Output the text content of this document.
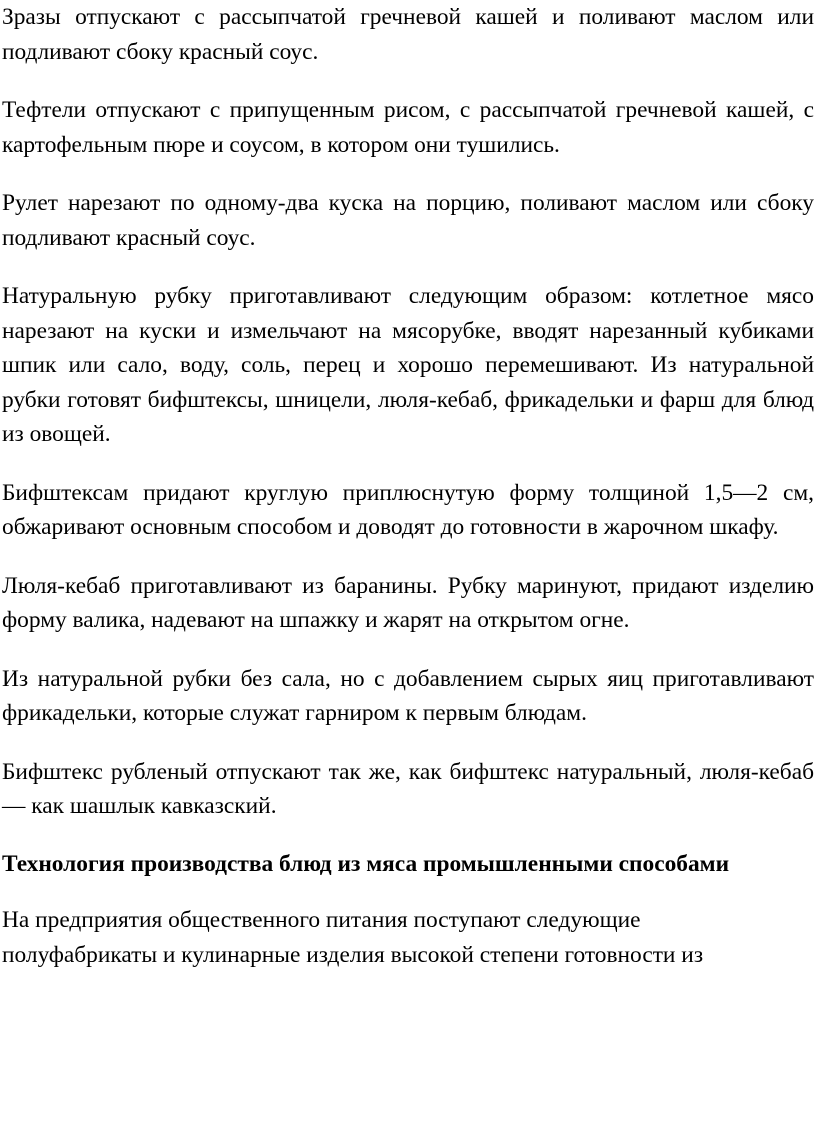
Зразы отпускают с рассыпчатой гречневой кашей и поливают маслом или подливают сбоку красный соус.

Тефтели отпускают с припущенным рисом, с рассыпчатой гречневой кашей, с картофельным пюре и соусом, в котором они тушились.

Рулет нарезают по одному-два куска на порцию, поливают маслом или сбоку подливают красный соус.

Натуральную рубку приготавливают следующим образом: котлетное мясо нарезают на куски и измельчают на мясорубке, вводят нарезанный кубиками шпик или сало, воду, соль, перец и хорошо перемешивают. Из натуральной рубки готовят бифштексы, шницели, люля-кебаб, фрикадельки и фарш для блюд из овощей.

Бифштексам придают круглую приплюснутую форму толщиной 1,5—2 см, обжаривают основным способом и доводят до готовности в жарочном шкафу.

Люля-кебаб приготавливают из баранины. Рубку маринуют, придают изделию форму валика, надевают на шпажку и жарят на открытом огне.

Из натуральной рубки без сала, но с добавлением сырых яиц приготавливают фрикадельки, которые служат гарниром к первым блюдам.

Бифштекс рубленый отпускают так же, как бифштекс натуральный, люля-кебаб — как шашлык кавказский.

Технология производства блюд из мяса промышленными способами

На предприятия общественного питания поступают следующие
полуфабрикаты и кулинарные изделия высокой степени готовности из
